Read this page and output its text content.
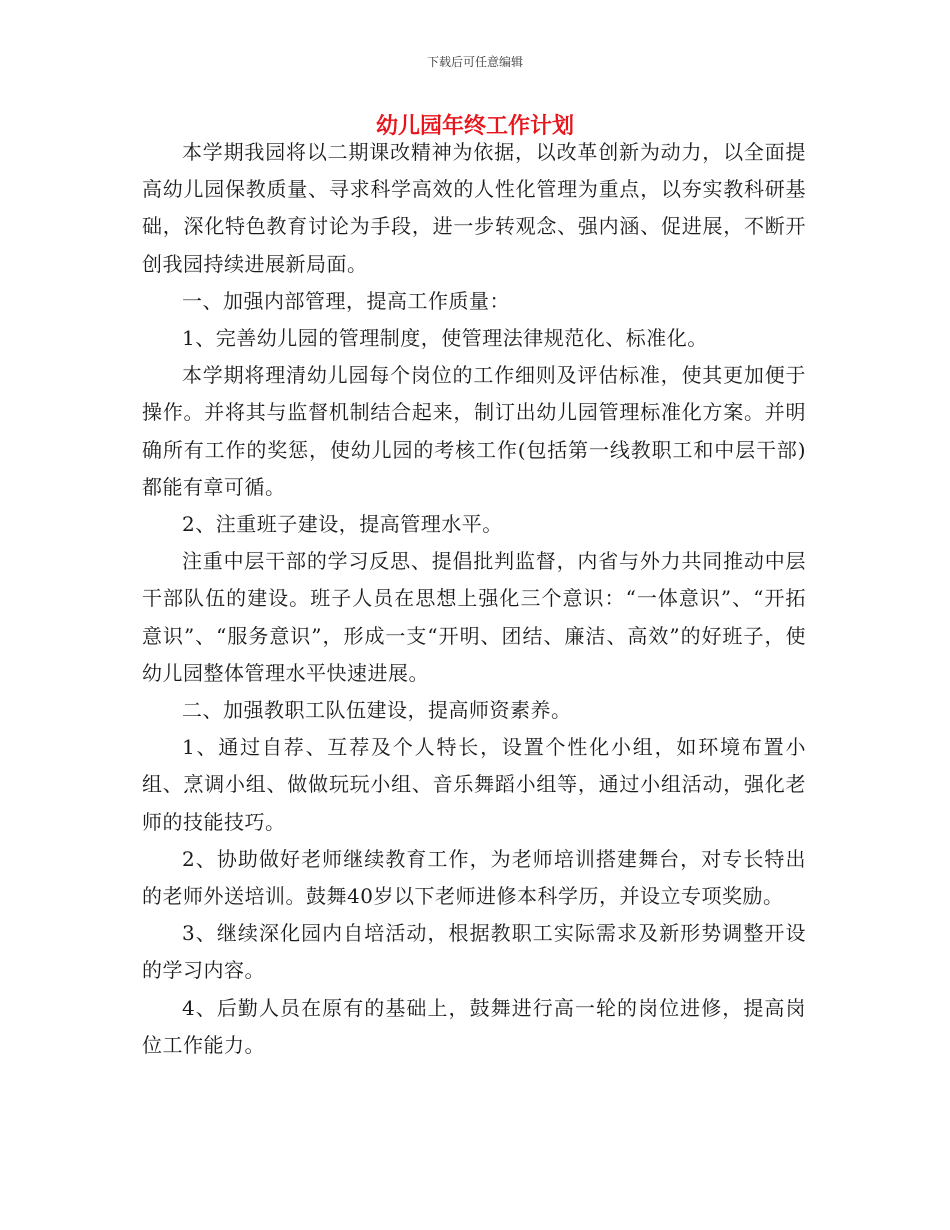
下载后可任意编辑
幼儿园年终工作计划

本学期我园将以二期课改精神为依据，以改革创新为动力，以全面提高幼儿园保教质量、寻求科学高效的人性化管理为重点，以夯实教科研基础，深化特色教育讨论为手段，进一步转观念、强内涵、促进展，不断开创我园持续进展新局面。

一、加强内部管理，提高工作质量：

1、完善幼儿园的管理制度，使管理法律规范化、标准化。

本学期将理清幼儿园每个岗位的工作细则及评估标准，使其更加便于操作。并将其与监督机制结合起来，制订出幼儿园管理标准化方案。并明确所有工作的奖惩，使幼儿园的考核工作(包括第一线教职工和中层干部)都能有章可循。

2、注重班子建设，提高管理水平。

注重中层干部的学习反思、提倡批判监督，内省与外力共同推动中层干部队伍的建设。班子人员在思想上强化三个意识：“一体意识”、“开拓意识”、“服务意识”，形成一支“开明、团结、廉洁、高效”的好班子，使幼儿园整体管理水平快速进展。

二、加强教职工队伍建设，提高师资素养。

1、通过自荐、互荐及个人特长，设置个性化小组，如环境布置小组、烹调小组、做做玩玩小组、音乐舞蹈小组等，通过小组活动，强化老师的技能技巧。

2、协助做好老师继续教育工作，为老师培训搭建舞台，对专长特出的老师外送培训。鼓舞40岁以下老师进修本科学历，并设立专项奖励。

3、继续深化园内自培活动，根据教职工实际需求及新形势调整开设的学习内容。

4、后勤人员在原有的基础上，鼓舞进行高一轮的岗位进修，提高岗位工作能力。
